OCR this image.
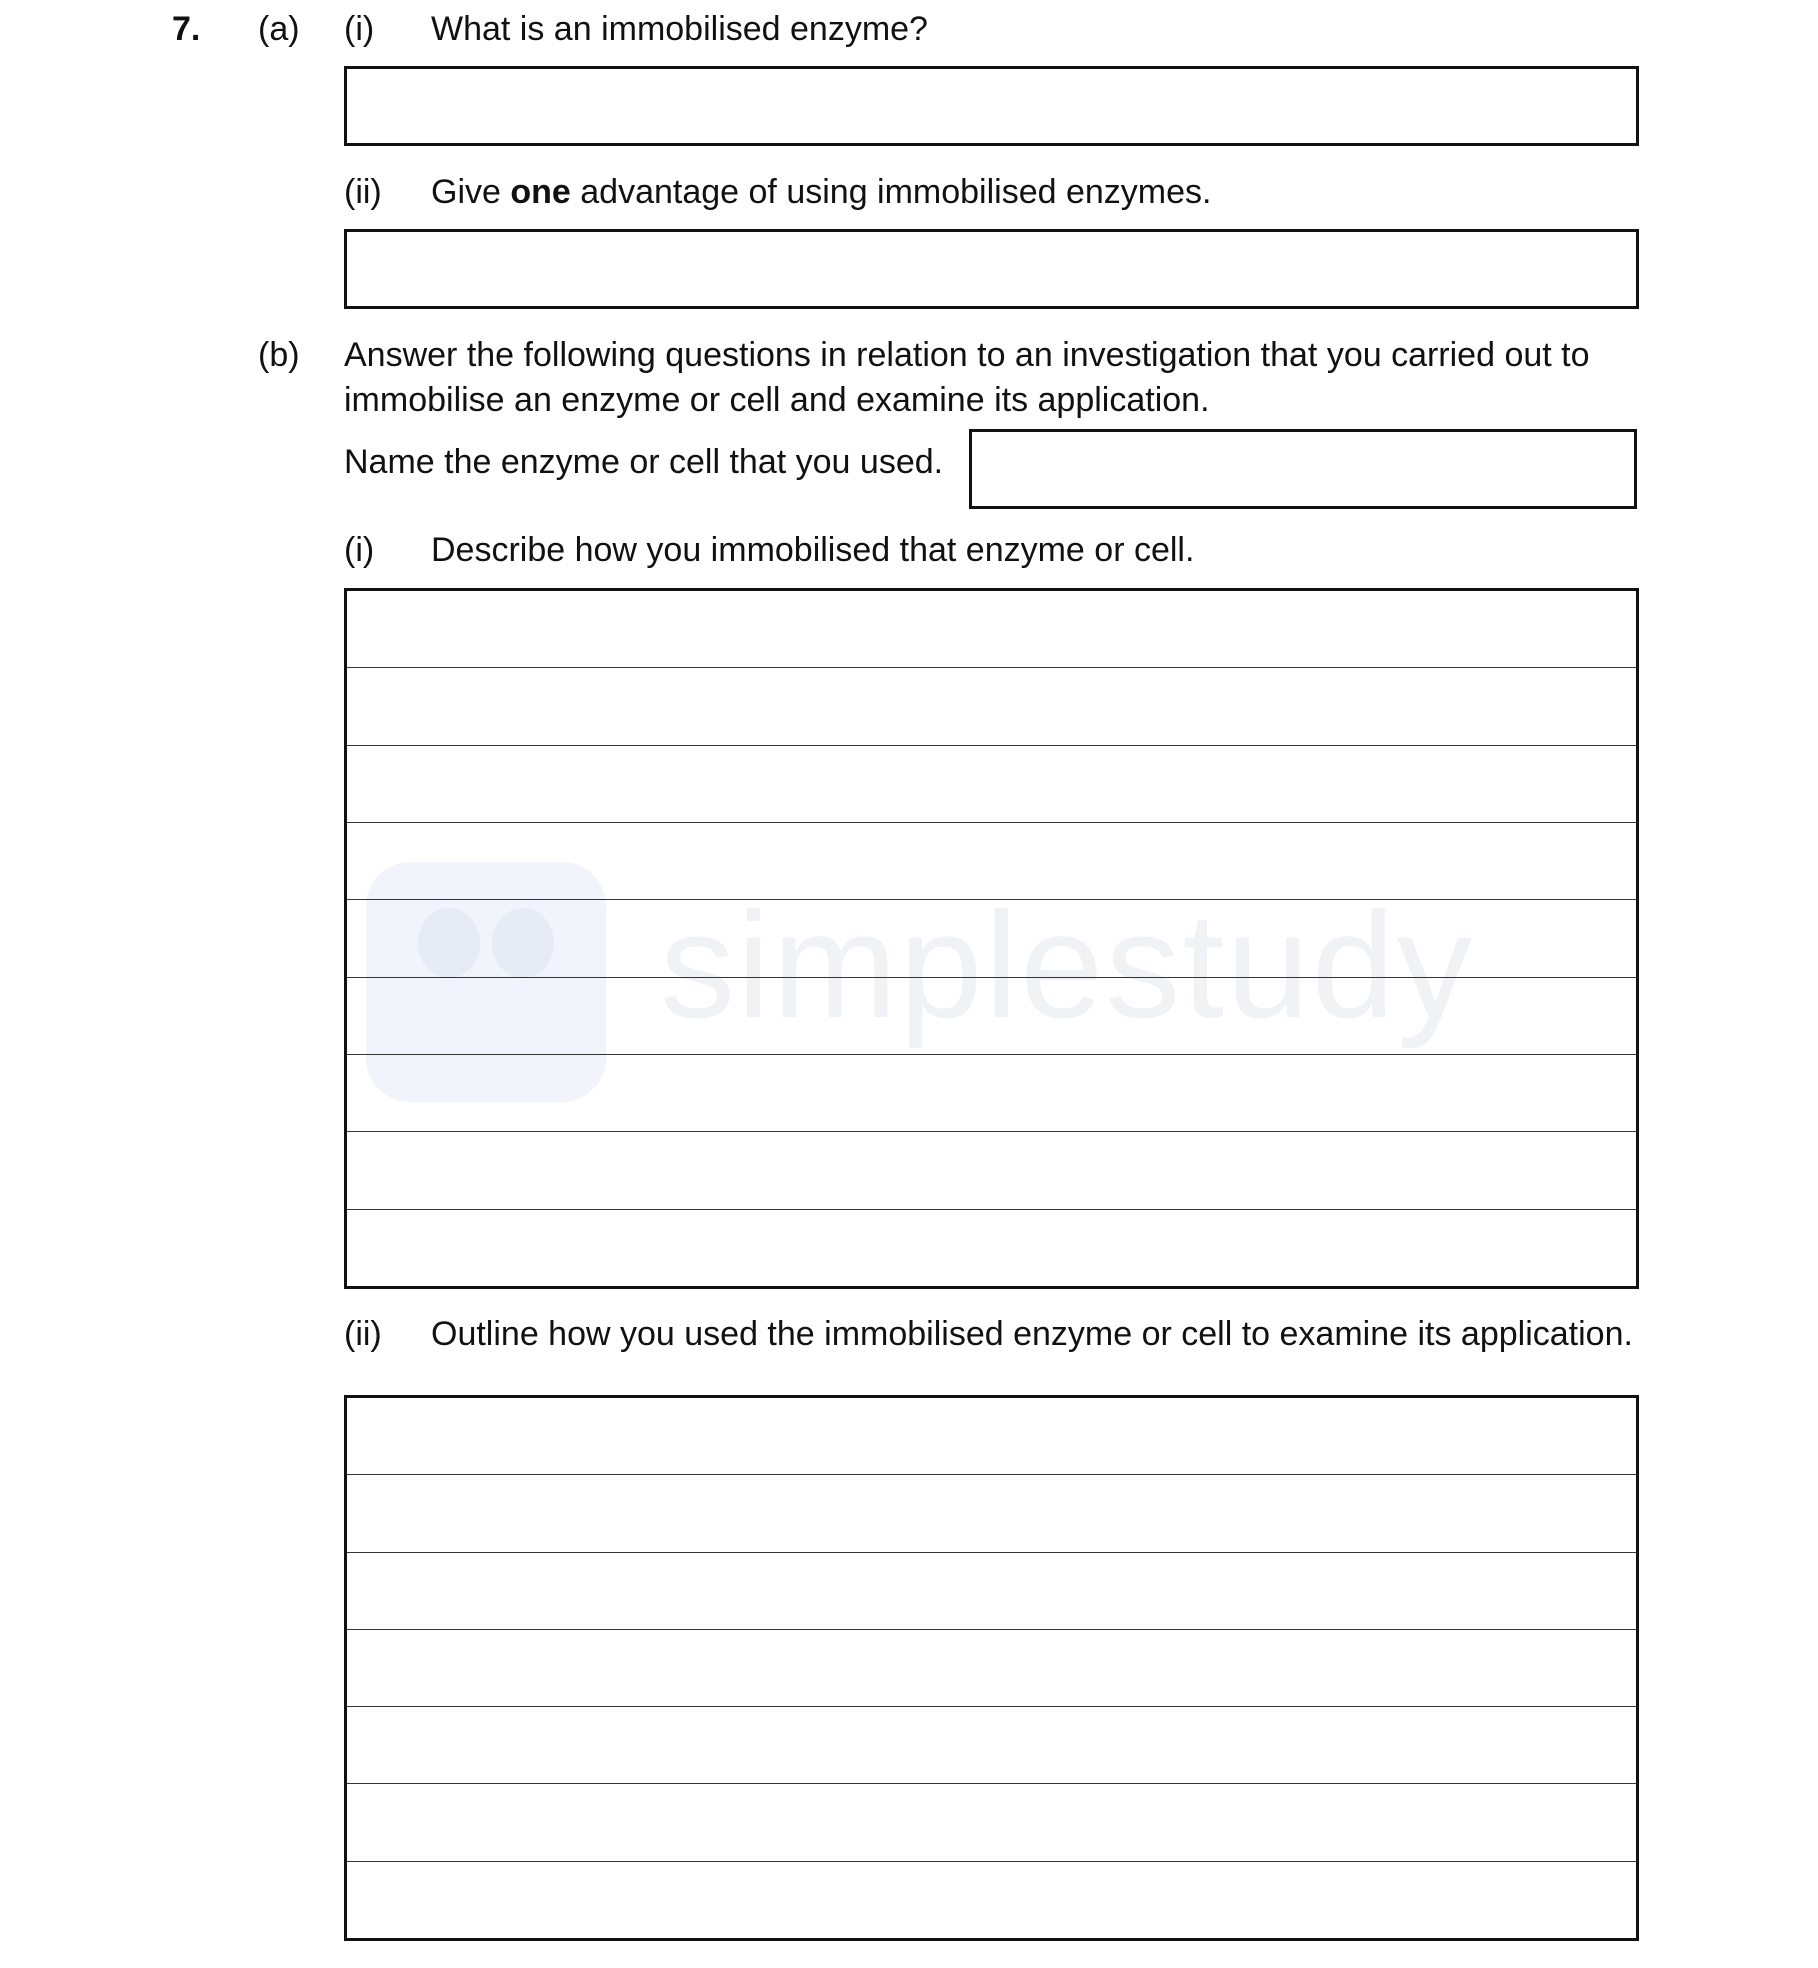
simplestudy
7. (a) (i) What is an immobilised enzyme?
(ii) Give one advantage of using immobilised enzymes.
(b) Answer the following questions in relation to an investigation that you carried out to
immobilise an enzyme or cell and examine its application.
Name the enzyme or cell that you used.
(i) Describe how you immobilised that enzyme or cell.
(ii) Outline how you used the immobilised enzyme or cell to examine its application.
